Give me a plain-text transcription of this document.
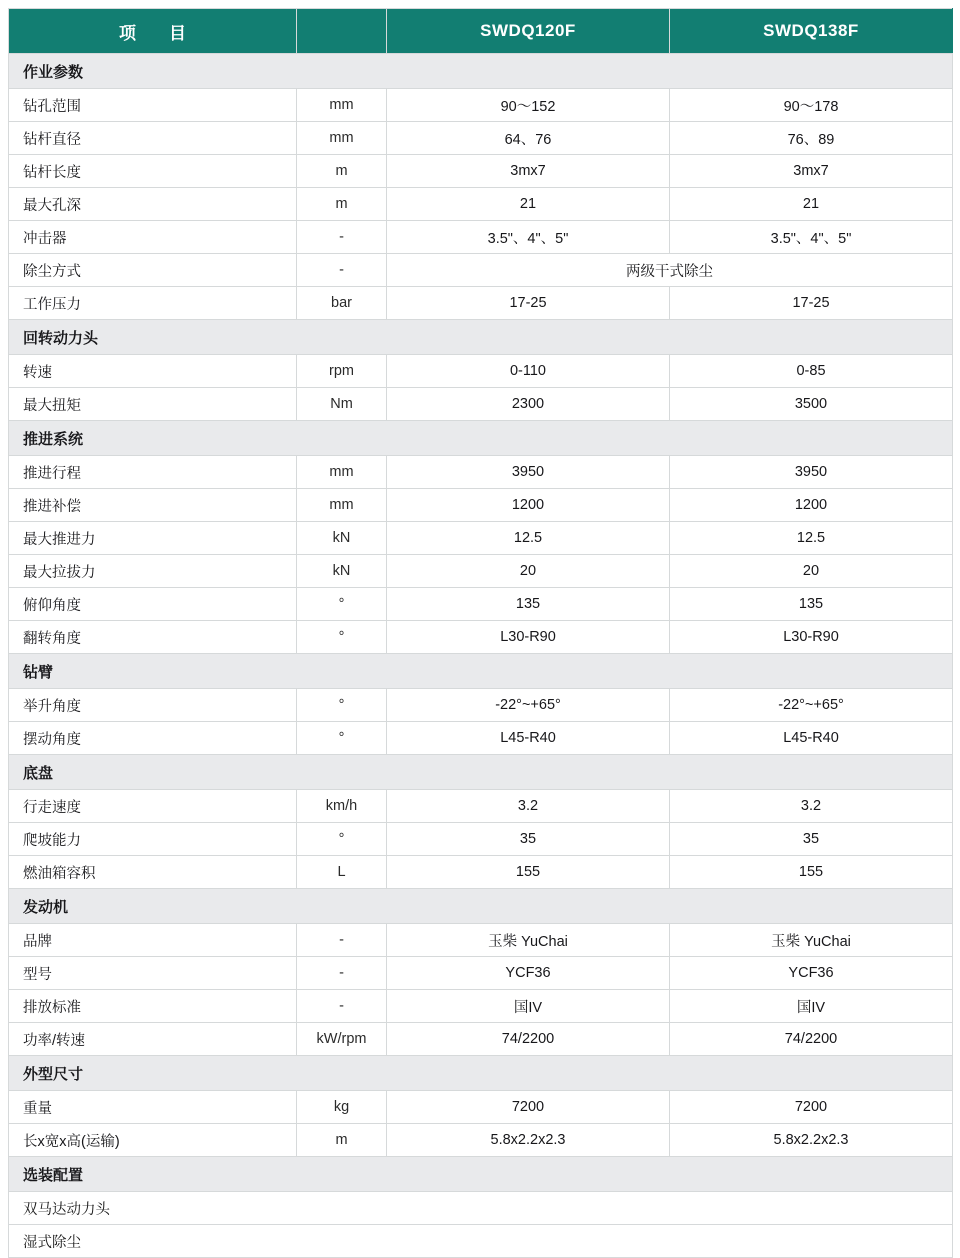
项　目		SWDQ120F	SWDQ138F
作业参数			
钻孔范围	mm	90～152	90～178
钻杆直径	mm	64、76	76、89
钻杆长度	m	3mx7	3mx7
最大孔深	m	21	21
冲击器	-	3.5"、4"、5"	3.5"、4"、5"
除尘方式	-	两级干式除尘	
工作压力	bar	17-25	17-25
回转动力头			
转速	rpm	0-110	0-85
最大扭矩	Nm	2300	3500
推进系统			
推进行程	mm	3950	3950
推进补偿	mm	1200	1200
最大推进力	kN	12.5	12.5
最大拉拔力	kN	20	20
俯仰角度	°	135	135
翻转角度	°	L30-R90	L30-R90
钻臂			
举升角度	°	-22°~+65°	-22°~+65°
摆动角度	°	L45-R40	L45-R40
底盘			
行走速度	km/h	3.2	3.2
爬坡能力	°	35	35
燃油箱容积	L	155	155
发动机			
品牌	-	玉柴 YuChai	玉柴 YuChai
型号	-	YCF36	YCF36
排放标准	-	国IV	国IV
功率/转速	kW/rpm	74/2200	74/2200
外型尺寸			
重量	kg	7200	7200
长x宽x高(运输)	m	5.8x2.2x2.3	5.8x2.2x2.3
选装配置			
双马达动力头			
湿式除尘			
